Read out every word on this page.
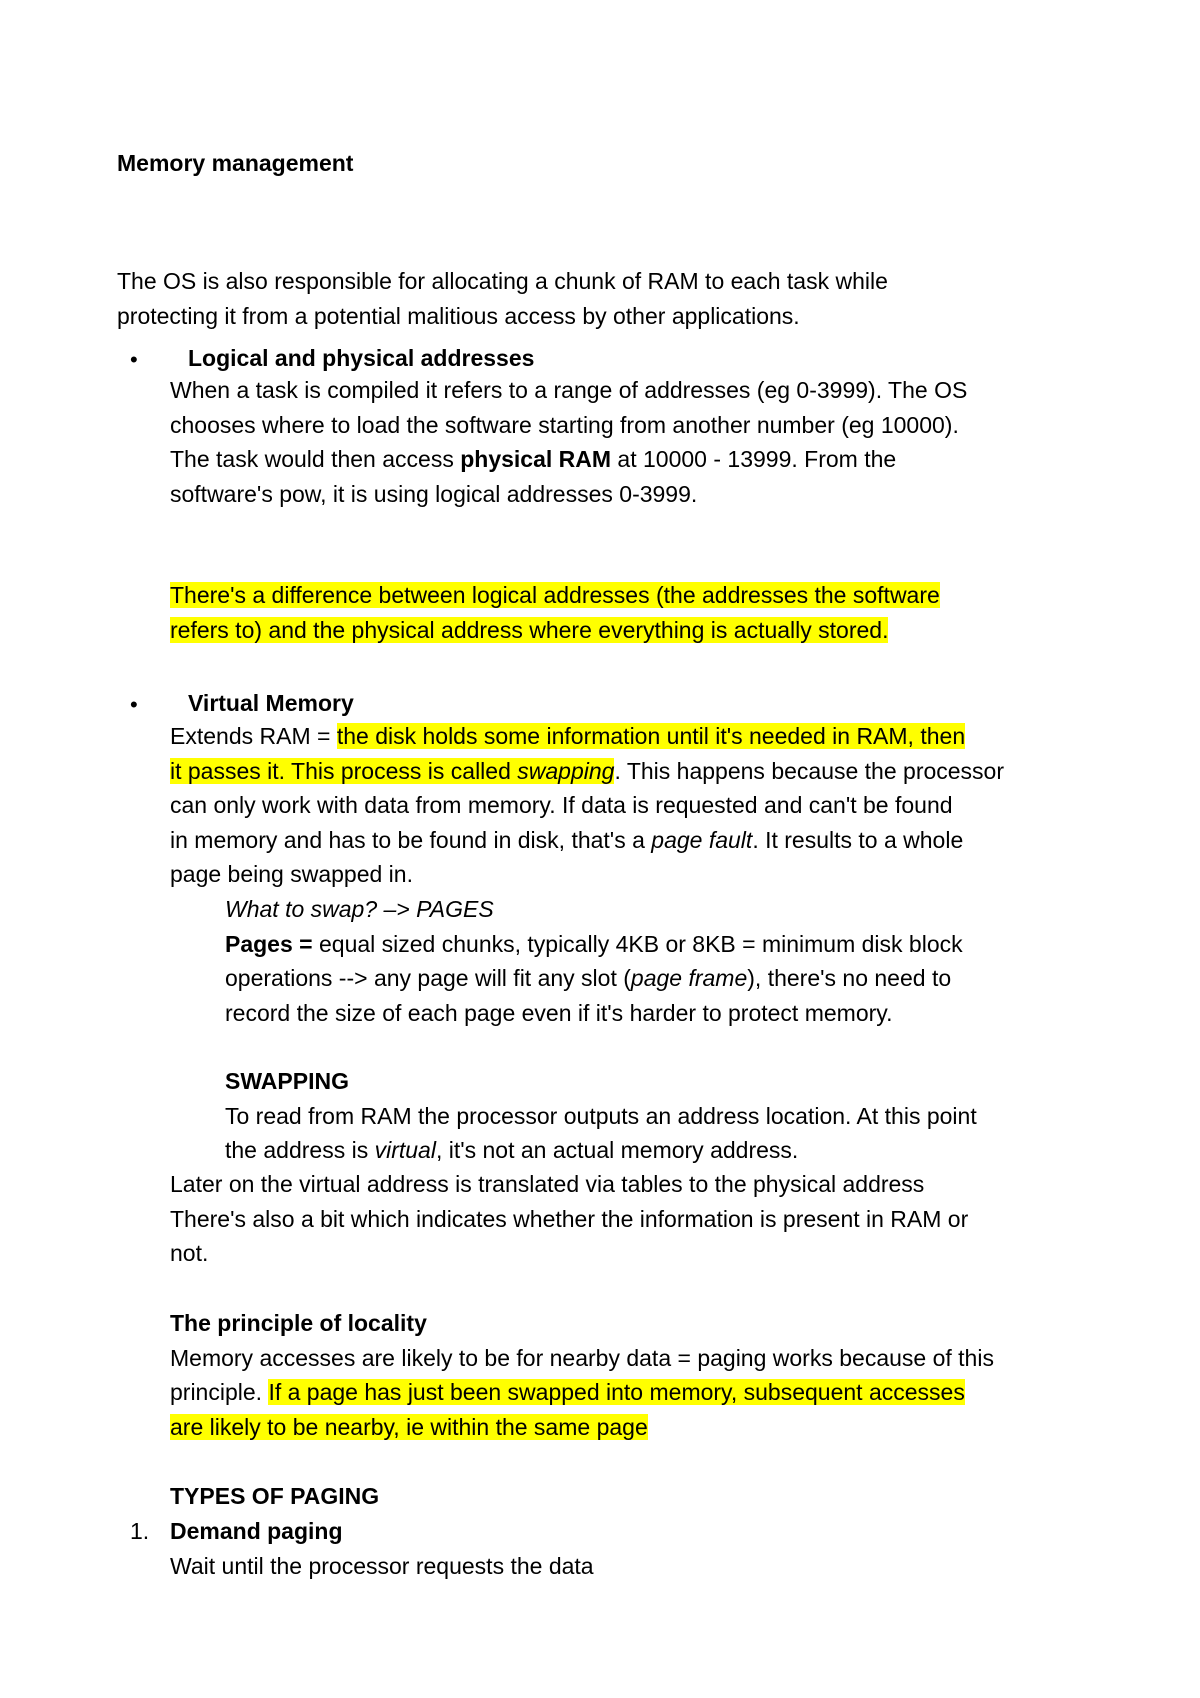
Memory management
The OS is also responsible for allocating a chunk of RAM to each task while
protecting it from a potential malitious access by other applications.
• Logical and physical addresses
When a task is compiled it refers to a range of addresses (eg 0-3999). The OS
chooses where to load the software starting from another number (eg 10000).
The task would then access physical RAM at 10000 - 13999. From the
software's pow, it is using logical addresses 0-3999.
There's a difference between logical addresses (the addresses the software
refers to) and the physical address where everything is actually stored.
• Virtual Memory
Extends RAM = the disk holds some information until it's needed in RAM, then
it passes it. This process is called swapping. This happens because the processor
can only work with data from memory. If data is requested and can't be found
in memory and has to be found in disk, that's a page fault. It results to a whole
page being swapped in.
What to swap? –> PAGES
Pages = equal sized chunks, typically 4KB or 8KB = minimum disk block
operations --> any page will fit any slot (page frame), there's no need to
record the size of each page even if it's harder to protect memory.
SWAPPING
To read from RAM the processor outputs an address location. At this point
the address is virtual, it's not an actual memory address.
Later on the virtual address is translated via tables to the physical address
There's also a bit which indicates whether the information is present in RAM or
not.
The principle of locality
Memory accesses are likely to be for nearby data = paging works because of this
principle. If a page has just been swapped into memory, subsequent accesses
are likely to be nearby, ie within the same page
TYPES OF PAGING
1. Demand paging
Wait until the processor requests the data
